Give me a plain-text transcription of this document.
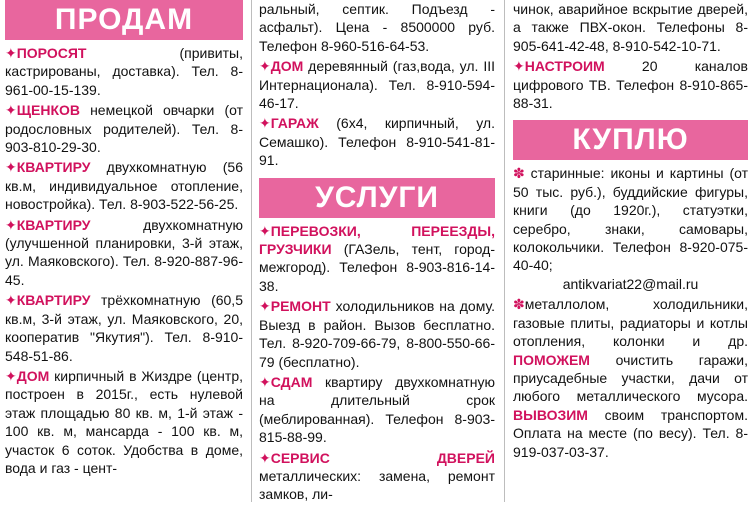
ПРОДАМ

✦ПОРОСЯТ (привиты, кастрированы, доставка). Тел. 8-961-00-15-139.

✦ЩЕНКОВ немецкой овчарки (от родословных родителей). Тел. 8-903-810-29-30.

✦КВАРТИРУ двухкомнатную (56 кв.м, индивидуальное отопление, новостройка). Тел. 8-903-522-56-25.

✦КВАРТИРУ двухкомнатную (улучшенной планировки, 3-й этаж, ул. Маяковского). Тел. 8-920-887-96-45.

✦КВАРТИРУ трёхкомнатную (60,5 кв.м, 3-й этаж, ул. Маяковского, 20, кооператив "Якутия"). Тел. 8-910-548-51-86.

✦ДОМ кирпичный в Жиздре (центр, построен в 2015г., есть нулевой этаж площадью 80 кв. м, 1-й этаж - 100 кв. м, мансарда - 100 кв. м, участок 6 соток. Удобства в доме, вода и газ - цент-

ральный, септик. Подъезд - асфальт). Цена - 8500000 руб. Телефон 8-960-516-64-53.

✦ДОМ деревянный (газ,вода, ул. III Интернационала). Тел. 8-910-594-46-17.

✦ГАРАЖ (6х4, кирпичный, ул. Семашко). Телефон 8-910-541-81-91.

УСЛУГИ

✦ПЕРЕВОЗКИ, ПЕРЕЕЗДЫ, ГРУЗЧИКИ (ГАЗель, тент, город-межгород). Телефон 8-903-816-14-38.

✦РЕМОНТ холодильников на дому. Выезд в район. Вызов бесплатно. Тел. 8-920-709-66-79, 8-800-550-66-79 (бесплатно).

✦СДАМ квартиру двухкомнатную на длительный срок (меблированная). Телефон 8-903-815-88-99.

✦СЕРВИС ДВЕРЕЙ металлических: замена, ремонт замков, ли-

чинок, аварийное вскрытие дверей, а также ПВХ-окон. Телефоны 8-905-641-42-48, 8-910-542-10-71.

✦НАСТРОИМ 20 каналов цифрового ТВ. Телефон 8-910-865-88-31.

КУПЛЮ

✽ старинные: иконы и картины (от 50 тыс. руб.), буддийские фигуры, книги (до 1920г.), статуэтки, серебро, знаки, самовары, колокольчики. Телефон 8-920-075-40-40;
antikvariat22@mail.ru

✽металлолом, холодильники, газовые плиты, радиаторы и котлы отопления, колонки и др. ПОМОЖЕМ очистить гаражи, приусадебные участки, дачи от любого металлического мусора. ВЫВОЗИМ своим транспортом. Оплата на месте (по весу). Тел. 8-919-037-03-37.
